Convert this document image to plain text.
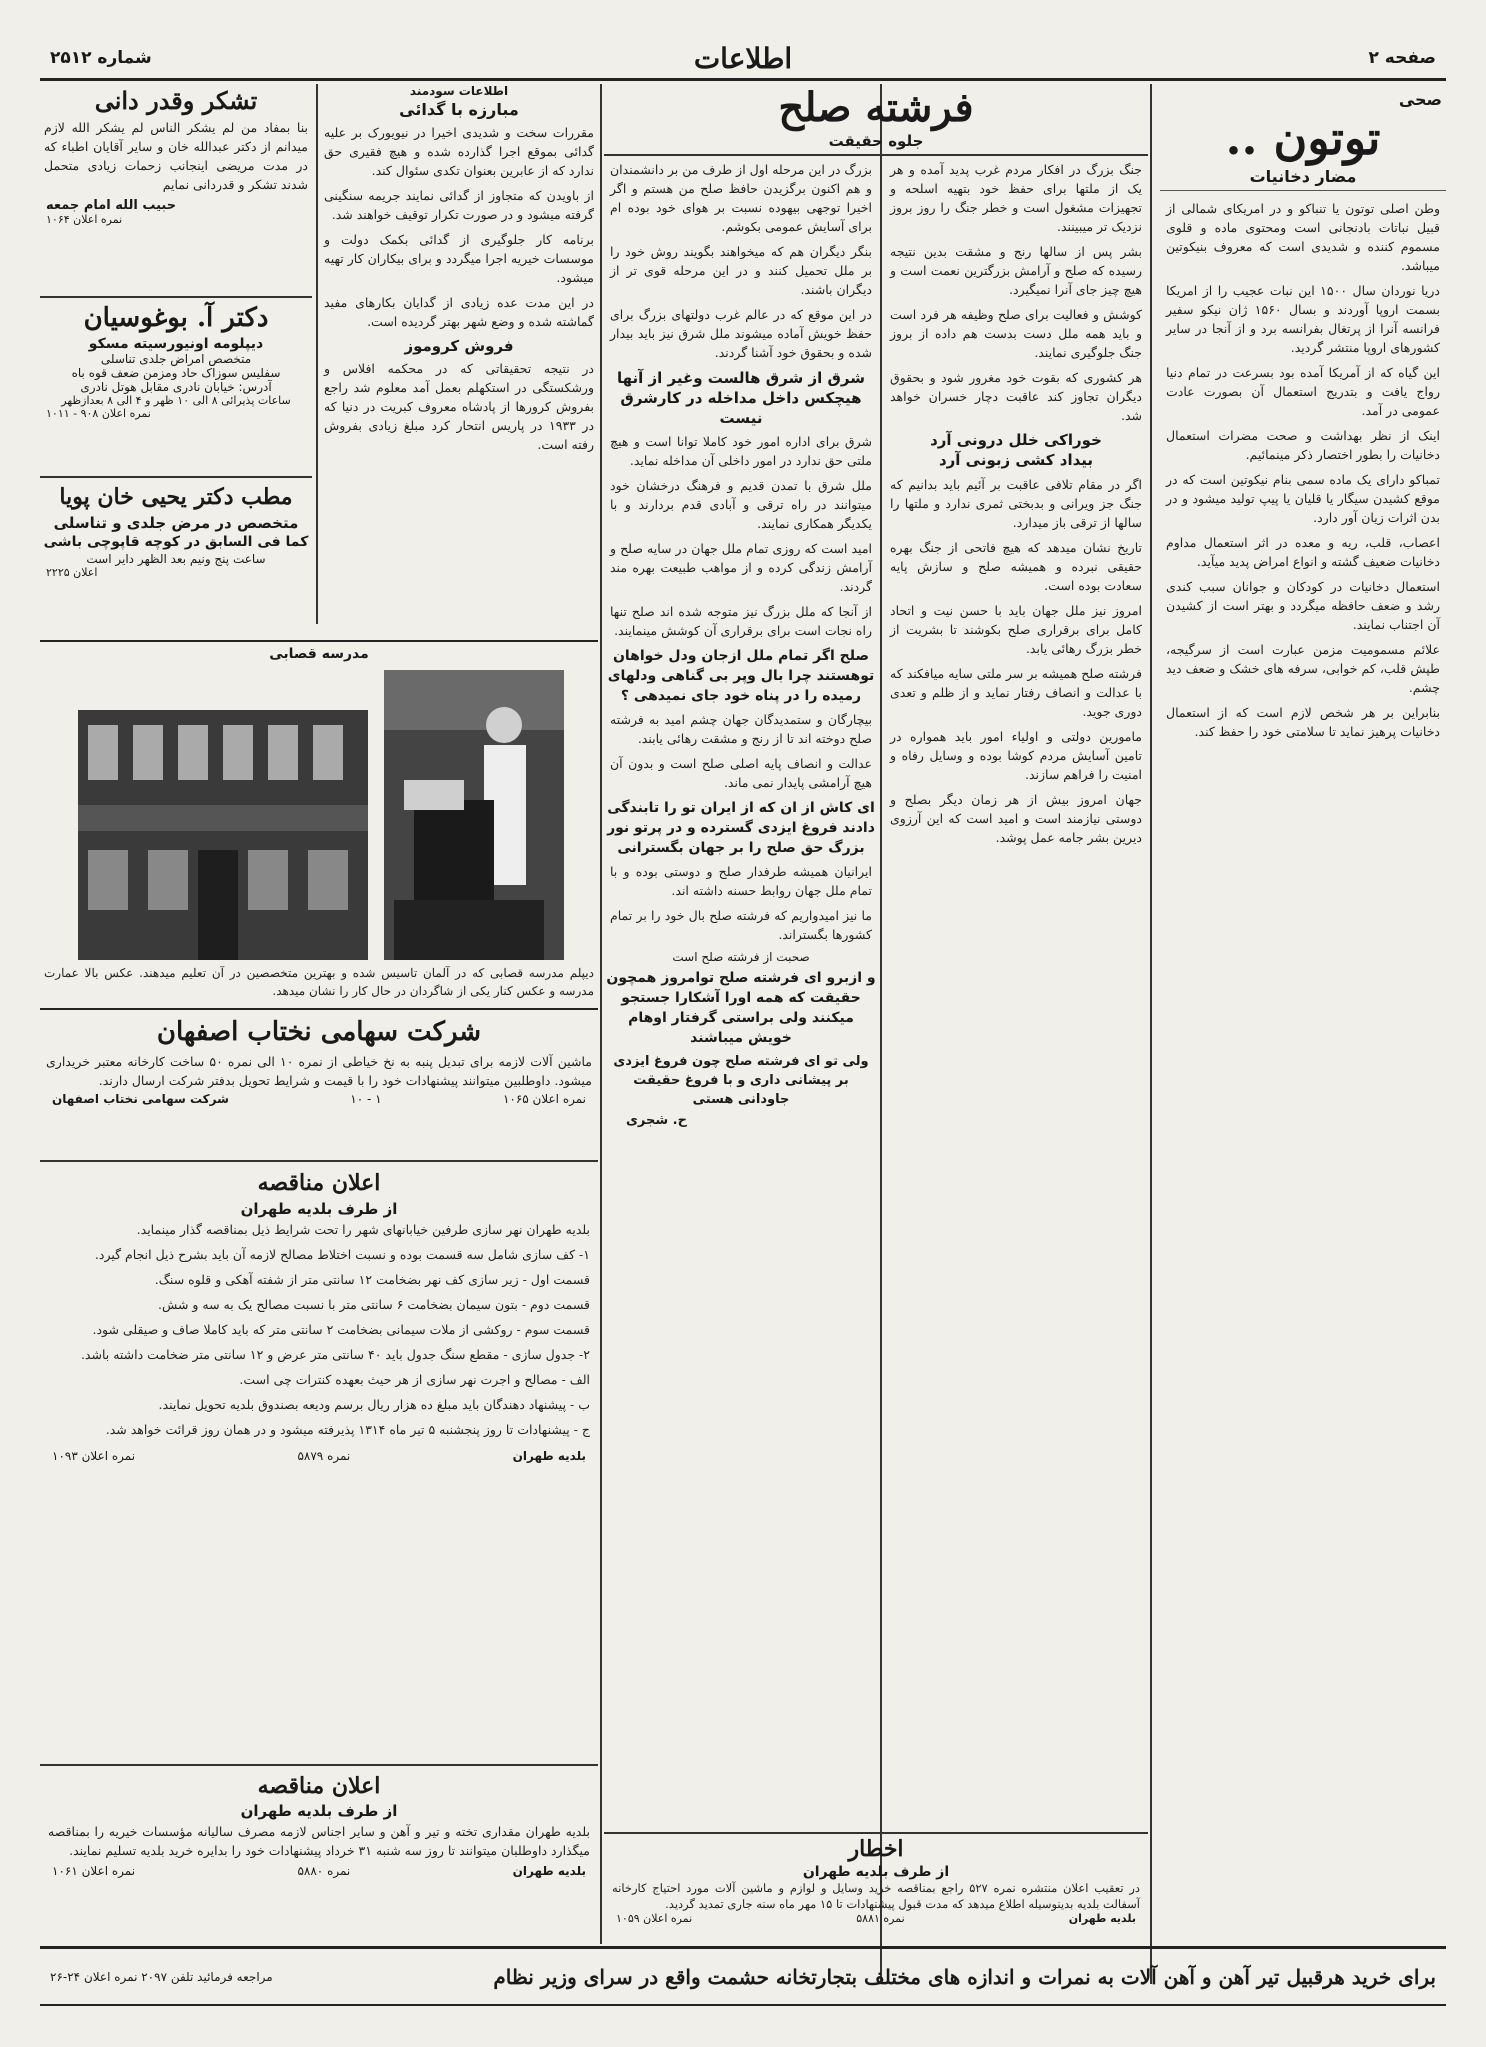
صفحه ۲
اطلاعات
شماره ۲۵۱۲
صحی
توتون ..
مضار دخانیات

وطن اصلی توتون یا تنباکو و در امریکای شمالی از قبیل نباتات بادنجانی است ومحتوی ماده و قلوی مسموم کننده و شدیدی است که معروف بنیکوتین میباشد.

دریا نوردان سال ۱۵۰۰ این نبات عجیب را از امریکا بسمت اروپا آوردند و بسال ۱۵۶۰ ژان نیکو سفیر فرانسه آنرا از پرتغال بفرانسه برد و از آنجا در سایر کشورهای اروپا منتشر گردید.

این گیاه که از آمریکا آمده بود بسرعت در تمام دنیا رواج یافت و بتدریج استعمال آن بصورت عادت عمومی در آمد.

اینک از نظر بهداشت و صحت مضرات استعمال دخانیات را بطور اختصار ذکر مینمائیم.

تمباکو دارای یک ماده سمی بنام نیکوتین است که در موقع کشیدن سیگار یا قلیان یا پیپ تولید میشود و در بدن اثرات زیان آور دارد.

اعصاب، قلب، ریه و معده در اثر استعمال مداوم دخانیات ضعیف گشته و انواع امراض پدید میآید.

استعمال دخانیات در کودکان و جوانان سبب کندی رشد و ضعف حافظه میگردد و بهتر است از کشیدن آن اجتناب نمایند.

علائم مسمومیت مزمن عبارت است از سرگیجه، طپش قلب، کم خوابی، سرفه های خشک و ضعف دید چشم.

بنابراین بر هر شخص لازم است که از استعمال دخانیات پرهیز نماید تا سلامتی خود را حفظ کند.

فرشته صلح
جلوه حقیقت

جنگ بزرگ در افکار مردم غرب پدید آمده و هر یک از ملتها برای حفظ خود بتهیه اسلحه و تجهیزات مشغول است و خطر جنگ را روز بروز نزدیک تر میبینند.

بشر پس از سالها رنج و مشقت بدین نتیجه رسیده که صلح و آرامش بزرگترین نعمت است و هیچ چیز جای آنرا نمیگیرد.

کوشش و فعالیت برای صلح وظیفه هر فرد است و باید همه ملل دست بدست هم داده از بروز جنگ جلوگیری نمایند.

هر کشوری که بقوت خود مغرور شود و بحقوق دیگران تجاوز کند عاقبت دچار خسران خواهد شد.

خوراکی خلل درونی آرد
بیداد کشی زبونی آرد

اگر در مقام تلافی عاقبت بر آئیم باید بدانیم که جنگ جز ویرانی و بدبختی ثمری ندارد و ملتها را سالها از ترقی باز میدارد.

تاریخ نشان میدهد که هیچ فاتحی از جنگ بهره حقیقی نبرده و همیشه صلح و سازش پایه سعادت بوده است.

امروز نیز ملل جهان باید با حسن نیت و اتحاد کامل برای برقراری صلح بکوشند تا بشریت از خطر بزرگ رهائی یابد.

فرشته صلح همیشه بر سر ملتی سایه میافکند که با عدالت و انصاف رفتار نماید و از ظلم و تعدی دوری جوید.

مامورین دولتی و اولیاء امور باید همواره در تامین آسایش مردم کوشا بوده و وسایل رفاه و امنیت را فراهم سازند.

جهان امروز بیش از هر زمان دیگر بصلح و دوستی نیازمند است و امید است که این آرزوی دیرین بشر جامه عمل پوشد.

بزرگ در این مرحله اول از طرف من بر دانشمندان و هم اکنون برگزیدن حافظ صلح من هستم و اگر اخیرا توجهی بیهوده نسبت بر هوای خود بوده ام برای آسایش عمومی بکوشم.

بنگر دیگران هم که میخواهند بگویند روش خود را بر ملل تحمیل کنند و در این مرحله قوی تر از دیگران باشند.

در این موقع که در عالم غرب دولتهای بزرگ برای حفظ خویش آماده میشوند ملل شرق نیز باید بیدار شده و بحقوق خود آشنا گردند.

شرق از شرق هالست وغیر از آنها هیچکس داخل مداخله در کارشرق نیست

شرق برای اداره امور خود کاملا توانا است و هیچ ملتی حق ندارد در امور داخلی آن مداخله نماید.

ملل شرق با تمدن قدیم و فرهنگ درخشان خود میتوانند در راه ترقی و آبادی قدم بردارند و با یکدیگر همکاری نمایند.

امید است که روزی تمام ملل جهان در سایه صلح و آرامش زندگی کرده و از مواهب طبیعت بهره مند گردند.

از آنجا که ملل بزرگ نیز متوجه شده اند صلح تنها راه نجات است برای برقراری آن کوشش مینمایند.

صلح اگر تمام ملل ازجان ودل خواهان توهستند چرا بال وپر بی گناهی ودلهای رمیده را در پناه خود جای نمیدهی ؟

بیچارگان و ستمدیدگان جهان چشم امید به فرشته صلح دوخته اند تا از رنج و مشقت رهائی یابند.

عدالت و انصاف پایه اصلی صلح است و بدون آن هیچ آرامشی پایدار نمی ماند.

ای کاش از ان که از ایران تو را تابندگی دادند فروغ ایزدی گسترده و در پرتو نور بزرگ حق صلح را بر جهان بگسترانی

ایرانیان همیشه طرفدار صلح و دوستی بوده و با تمام ملل جهان روابط حسنه داشته اند.

ما نیز امیدواریم که فرشته صلح بال خود را بر تمام کشورها بگستراند.

صحبت از فرشته صلح است
و ازبرو ای فرشته صلح توامروز همچون حقیقت که همه اورا آشکارا جستجو میکنند ولی براستی گرفتار اوهام خویش میباشند
ولی تو ای فرشته صلح چون فروغ ایزدی بر پیشانی داری و با فروغ حقیقت جاودانی هستی
ح. شجری
اطلاعات سودمند
مبارزه با گدائی

مقررات سخت و شدیدی اخیرا در نیویورک بر علیه گدائی بموقع اجرا گذارده شده و هیچ فقیری حق ندارد که از عابرین بعنوان تکدی سئوال کند.

از باویدن که متجاوز از گدائی نمایند جریمه سنگینی گرفته میشود و در صورت تکرار توقیف خواهند شد.

برنامه کار جلوگیری از گدائی بکمک دولت و موسسات خیریه اجرا میگردد و برای بیکاران کار تهیه میشود.

در این مدت عده زیادی از گدایان بکارهای مفید گماشته شده و وضع شهر بهتر گردیده است.

فروش کروموز

در نتیجه تحقیقاتی که در محکمه افلاس و ورشکستگی در استکهلم بعمل آمد معلوم شد راجع بفروش کرورها از پادشاه معروف کبریت در دنیا که در ۱۹۳۳ در پاریس انتحار کرد مبلغ زیادی بفروش رفته است.

تشکر وقدر دانی
بنا بمفاد من لم یشکر الناس لم یشکر الله لازم میدانم از دکتر عبدالله خان و سایر آقایان اطباء که در مدت مریضی اینجانب زحمات زیادی متحمل شدند تشکر و قدردانی نمایم
حبیب الله امام جمعه
نمره اعلان ۱۰۶۴
دکتر آ. بوغوسیان
دیپلومه اونیورسیته مسکو
متخصص امراض جلدی تناسلی
سفلیس سوزاک حاد ومزمن ضعف قوه باه
آدرس: خیابان نادری مقابل هوتل نادری
ساعات پذیرائی ۸ الی ۱۰ ظهر و ۴ الی ۸ بعدازظهر
نمره اعلان ۹۰۸ - ۱۰۱۱
مطب دکتر یحیی خان پویا
متخصص در مرض جلدی و تناسلی
کما فی السابق در کوچه قاپوچی باشی
ساعت پنج ونیم بعد الظهر دایر است
اعلان ۲۲۲۵
مدرسه قصابی
دیپلم مدرسه قصابی که در آلمان تاسیس شده و بهترین متخصصین در آن تعلیم میدهند. عکس بالا عمارت مدرسه و عکس کنار یکی از شاگردان در حال کار را نشان میدهد.
شرکت سهامی نختاب اصفهان
ماشین آلات لازمه برای تبدیل پنبه به نخ خیاطی از نمره ۱۰ الی نمره ۵۰ ساخت کارخانه معتبر خریداری میشود. داوطلبین میتوانند پیشنهادات خود را با قیمت و شرایط تحویل بدفتر شرکت ارسال دارند.
نمره اعلان ۱۰۶۵
۱ - ۱۰
شرکت سهامی نختاب اصفهان
اعلان مناقصه
از طرف بلدیه طهران

بلدیه طهران نهر سازی طرفین خیابانهای شهر را تحت شرایط ذیل بمناقصه گذار مینماید.

۱- کف سازی شامل سه قسمت بوده و نسبت اختلاط مصالح لازمه آن باید بشرح ذیل انجام گیرد.

قسمت اول - زیر سازی کف نهر بضخامت ۱۲ سانتی متر از شفته آهکی و قلوه سنگ.

قسمت دوم - بتون سیمان بضخامت ۶ سانتی متر با نسبت مصالح یک به سه و شش.

قسمت سوم - روکشی از ملات سیمانی بضخامت ۲ سانتی متر که باید کاملا صاف و صیقلی شود.

۲- جدول سازی - مقطع سنگ جدول باید ۴۰ سانتی متر عرض و ۱۲ سانتی متر ضخامت داشته باشد.

الف - مصالح و اجرت نهر سازی از هر حیث بعهده کنترات چی است.

ب - پیشنهاد دهندگان باید مبلغ ده هزار ریال برسم ودیعه بصندوق بلدیه تحویل نمایند.

ج - پیشنهادات تا روز پنجشنبه ۵ تیر ماه ۱۳۱۴ پذیرفته میشود و در همان روز قرائت خواهد شد.

بلدیه طهران
نمره ۵۸۷۹
نمره اعلان ۱۰۹۳
اعلان مناقصه
از طرف بلدیه طهران
بلدیه طهران مقداری تخته و تیر و آهن و سایر اجناس لازمه مصرف سالیانه مؤسسات خیریه را بمناقصه میگذارد داوطلبان میتوانند تا روز سه شنبه ۳۱ خرداد پیشنهادات خود را بدایره خرید بلدیه تسلیم نمایند.
بلدیه طهران
نمره ۵۸۸۰
نمره اعلان ۱۰۶۱
اخطار
از طرف بلدیه طهران
در تعقیب اعلان منتشره نمره ۵۲۷ راجع بمناقصه خرید وسایل و لوازم و ماشین آلات مورد احتیاج کارخانه آسفالت بلدیه بدینوسیله اطلاع میدهد که مدت قبول پیشنهادات تا ۱۵ مهر ماه سنه جاری تمدید گردید.
بلدیه طهران
نمره ۵۸۸۱
نمره اعلان ۱۰۵۹
برای خرید هرقبیل تیر آهن و آهن آلات به نمرات و اندازه های مختلف بتجارتخانه حشمت واقع در سرای وزیر نظام
مراجعه فرمائید تلفن ۲۰۹۷ نمره اعلان ۲۴-۲۶
